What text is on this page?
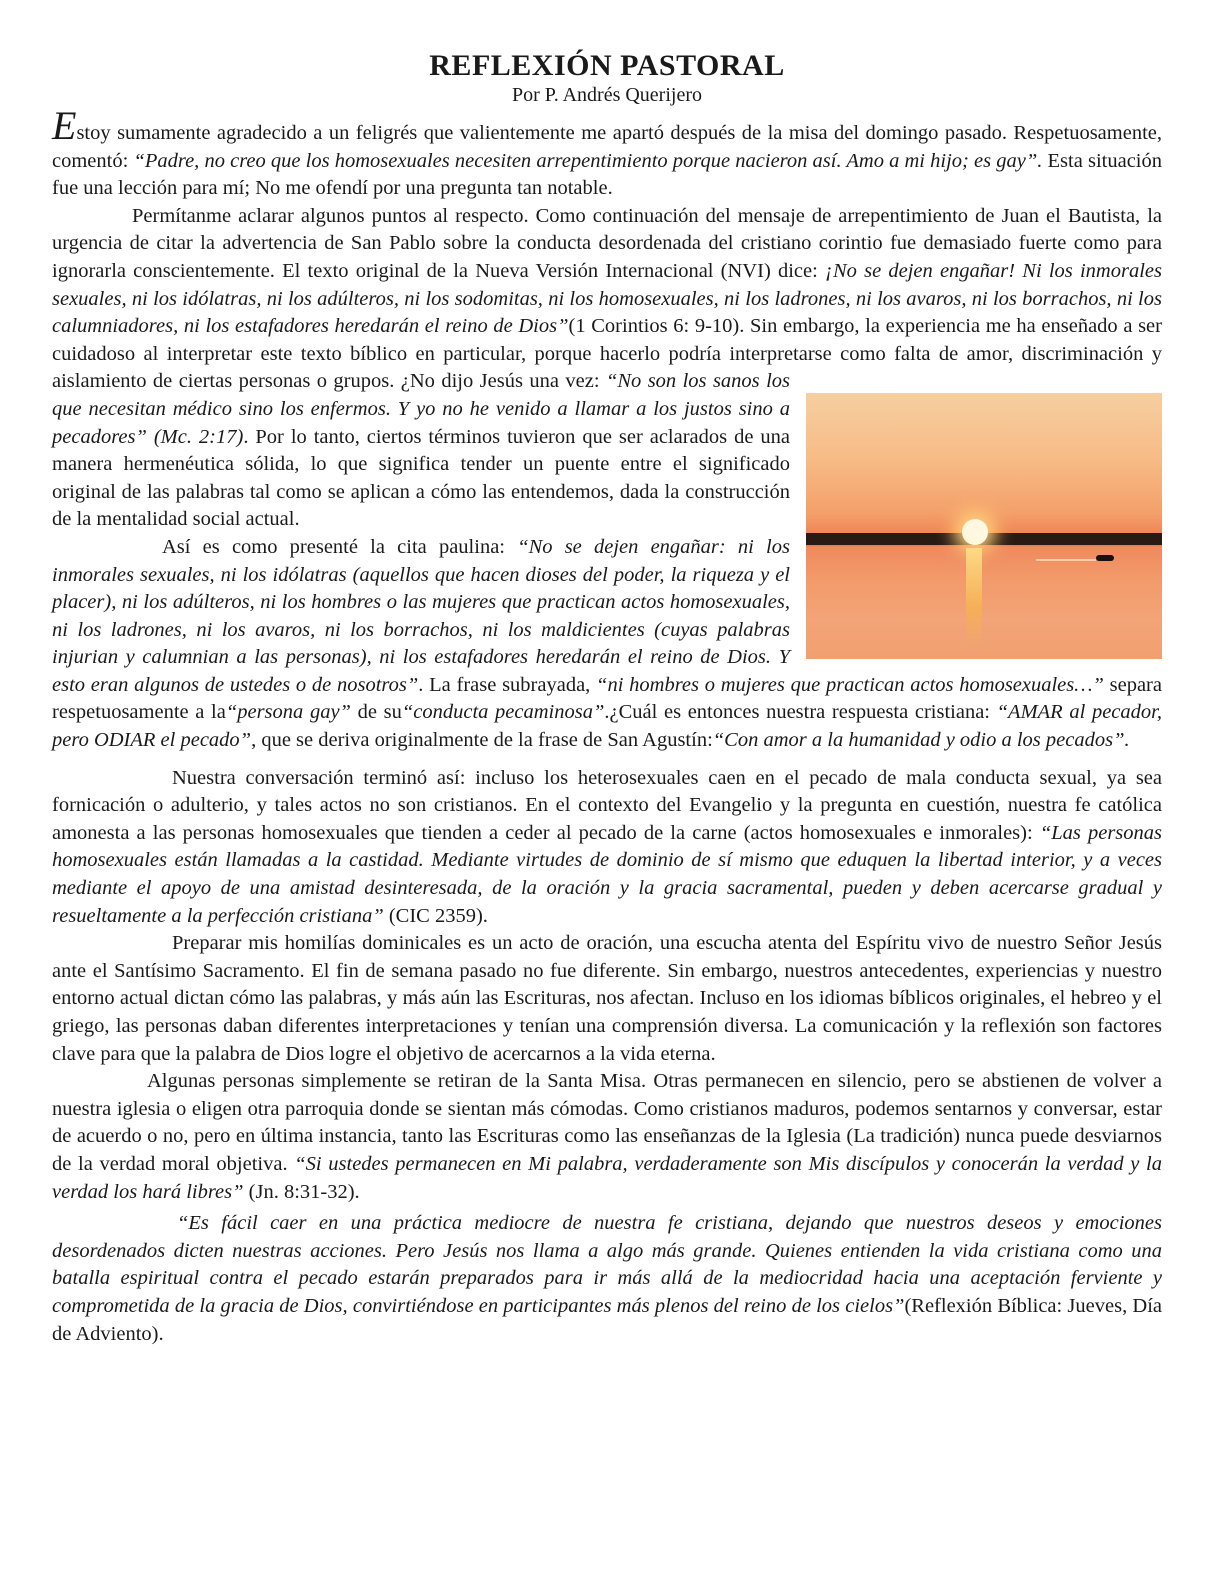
REFLEXIÓN PASTORAL
Por P. Andrés Querijero

Estoy sumamente agradecido a un feligrés que valientemente me apartó después de la misa del domingo pasado. Respetuosamente, comentó: “Padre, no creo que los homosexuales necesiten arrepentimiento porque nacieron así. Amo a mi hijo; es gay”. Esta situación fue una lección para mí; No me ofendí por una pregunta tan notable.

Permítanme aclarar algunos puntos al respecto. Como continuación del mensaje de arrepentimiento de Juan el Bautista, la urgencia de citar la advertencia de San Pablo sobre la conducta desordenada del cristiano corintio fue demasiado fuerte como para ignorarla conscientemente. El texto original de la Nueva Versión Internacional (NVI) dice: ¡No se dejen engañar! Ni los inmorales sexuales, ni los idólatras, ni los adúlteros, ni los sodomitas, ni los homosexuales, ni los ladrones, ni los avaros, ni los borrachos, ni los calumniadores, ni los estafadores heredarán el reino de Dios”(1 Corintios 6: 9-10). Sin embargo, la experiencia me ha enseñado a ser cuidadoso al interpretar este texto bíblico en particular, porque hacerlo podría interpretarse como falta de amor, discriminación y aislamiento de ciertas personas o grupos. ¿No dijo Jesús una vez:
“No son los sanos los que necesitan médico sino los enfermos. Y yo no he venido a llamar a los justos sino a pecadores” (Mc. 2:17). Por lo tanto, ciertos términos tuvieron que ser aclarados de una manera hermenéutica sólida, lo que significa tender un puente entre el significado original de las palabras tal como se aplican a cómo las entendemos, dada la construcción de la mentalidad social actual.

Así es como presenté la cita paulina: “No se dejen engañar: ni los inmorales sexuales, ni los idólatras (aquellos que hacen dioses del poder, la riqueza y el placer), ni los adúlteros, ni los hombres o las mujeres que practican actos homosexuales, ni los ladrones, ni los avaros, ni los borrachos, ni los maldicientes (cuyas palabras injurian y calumnian a las personas), ni los estafadores heredarán el reino de Dios. Y esto eran algunos de ustedes o de nosotros”. La frase subrayada, “ni hombres o mujeres que practican actos homosexuales…” separa respetuosamente a la“persona gay” de su“conducta pecaminosa”.¿Cuál es entonces nuestra respuesta cristiana: “AMAR al pecador, pero ODIAR el pecado”, que se deriva originalmente de la frase de San Agustín:“Con amor a la humanidad y odio a los pecados”.

Nuestra conversación terminó así: incluso los heterosexuales caen en el pecado de mala conducta sexual, ya sea fornicación o adulterio, y tales actos no son cristianos. En el contexto del Evangelio y la pregunta en cuestión, nuestra fe católica amonesta a las personas homosexuales que tienden a ceder al pecado de la carne (actos homosexuales e inmorales): “Las personas homosexuales están llamadas a la castidad. Mediante virtudes de dominio de sí mismo que eduquen la libertad interior, y a veces mediante el apoyo de una amistad desinteresada, de la oración y la gracia sacramental, pueden y deben acercarse gradual y resueltamente a la perfección cristiana” (CIC 2359).

Preparar mis homilías dominicales es un acto de oración, una escucha atenta del Espíritu vivo de nuestro Señor Jesús ante el Santísimo Sacramento. El fin de semana pasado no fue diferente. Sin embargo, nuestros antecedentes, experiencias y nuestro entorno actual dictan cómo las palabras, y más aún las Escrituras, nos afectan. Incluso en los idiomas bíblicos originales, el hebreo y el griego, las personas daban diferentes interpretaciones y tenían una comprensión diversa. La comunicación y la reflexión son factores clave para que la palabra de Dios logre el objetivo de acercarnos a la vida eterna.

Algunas personas simplemente se retiran de la Santa Misa. Otras permanecen en silencio, pero se abstienen de volver a nuestra iglesia o eligen otra parroquia donde se sientan más cómodas. Como cristianos maduros, podemos sentarnos y conversar, estar de acuerdo o no, pero en última instancia, tanto las Escrituras como las enseñanzas de la Iglesia (La tradición) nunca puede desviarnos de la verdad moral objetiva. “Si ustedes permanecen en Mi palabra, verdaderamente son Mis discípulos y conocerán la verdad y la verdad los hará libres” (Jn. 8:31-32).

“Es fácil caer en una práctica mediocre de nuestra fe cristiana, dejando que nuestros deseos y emociones desordenados dicten nuestras acciones. Pero Jesús nos llama a algo más grande. Quienes entienden la vida cristiana como una batalla espiritual contra el pecado estarán preparados para ir más allá de la mediocridad hacia una aceptación ferviente y comprometida de la gracia de Dios, convirtiéndose en participantes más plenos del reino de los cielos”(Reflexión Bíblica: Jueves, Día de Adviento).
